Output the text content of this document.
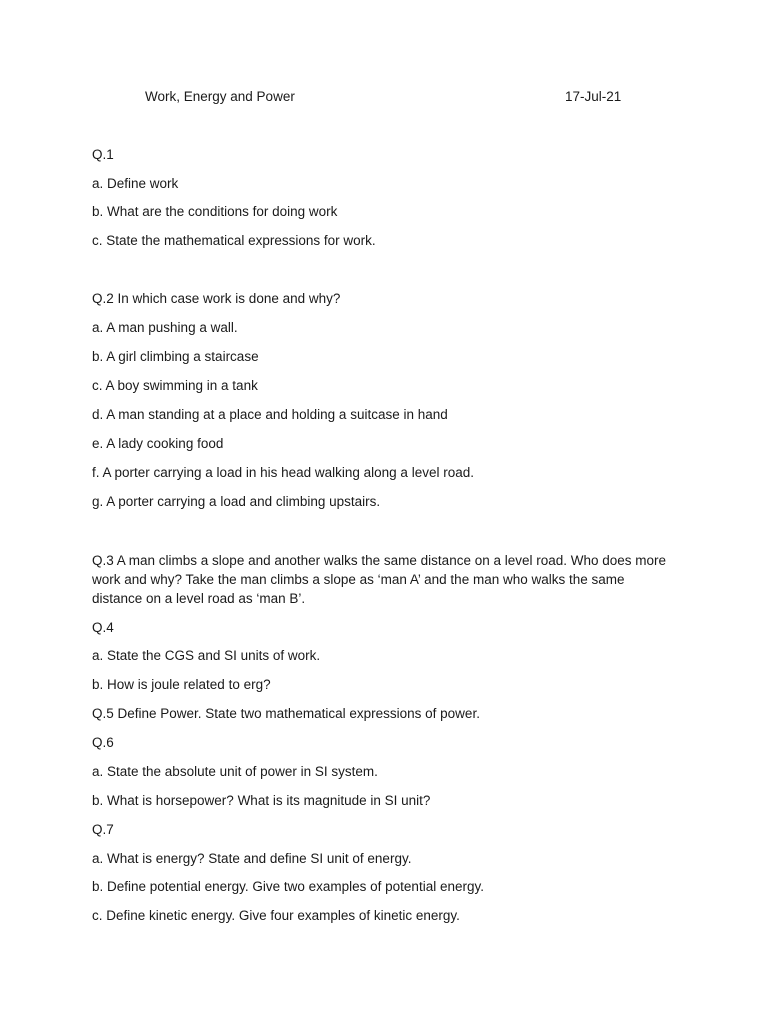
Work, Energy and Power	17-Jul-21
Q.1
a. Define work
b. What are the conditions for doing work
c. State the mathematical expressions for work.
Q.2 In which case work is done and why?
a. A man pushing a wall.
b. A girl climbing a staircase
c. A boy swimming in a tank
d. A man standing at a place and holding a suitcase in hand
e. A lady cooking food
f. A porter carrying a load in his head walking along a level road.
g. A porter carrying a load and climbing upstairs.
Q.3 A man climbs a slope and another walks the same distance on a level road. Who does more work and why? Take the man climbs a slope as ‘man A’ and the man who walks the same distance on a level road as ‘man B’.
Q.4
a. State the CGS and SI units of work.
b. How is joule related to erg?
Q.5 Define Power. State two mathematical expressions of power.
Q.6
a. State the absolute unit of power in SI system.
b. What is horsepower? What is its magnitude in SI unit?
Q.7
a. What is energy? State and define SI unit of energy.
b. Define potential energy. Give two examples of potential energy.
c. Define kinetic energy. Give four examples of kinetic energy.
